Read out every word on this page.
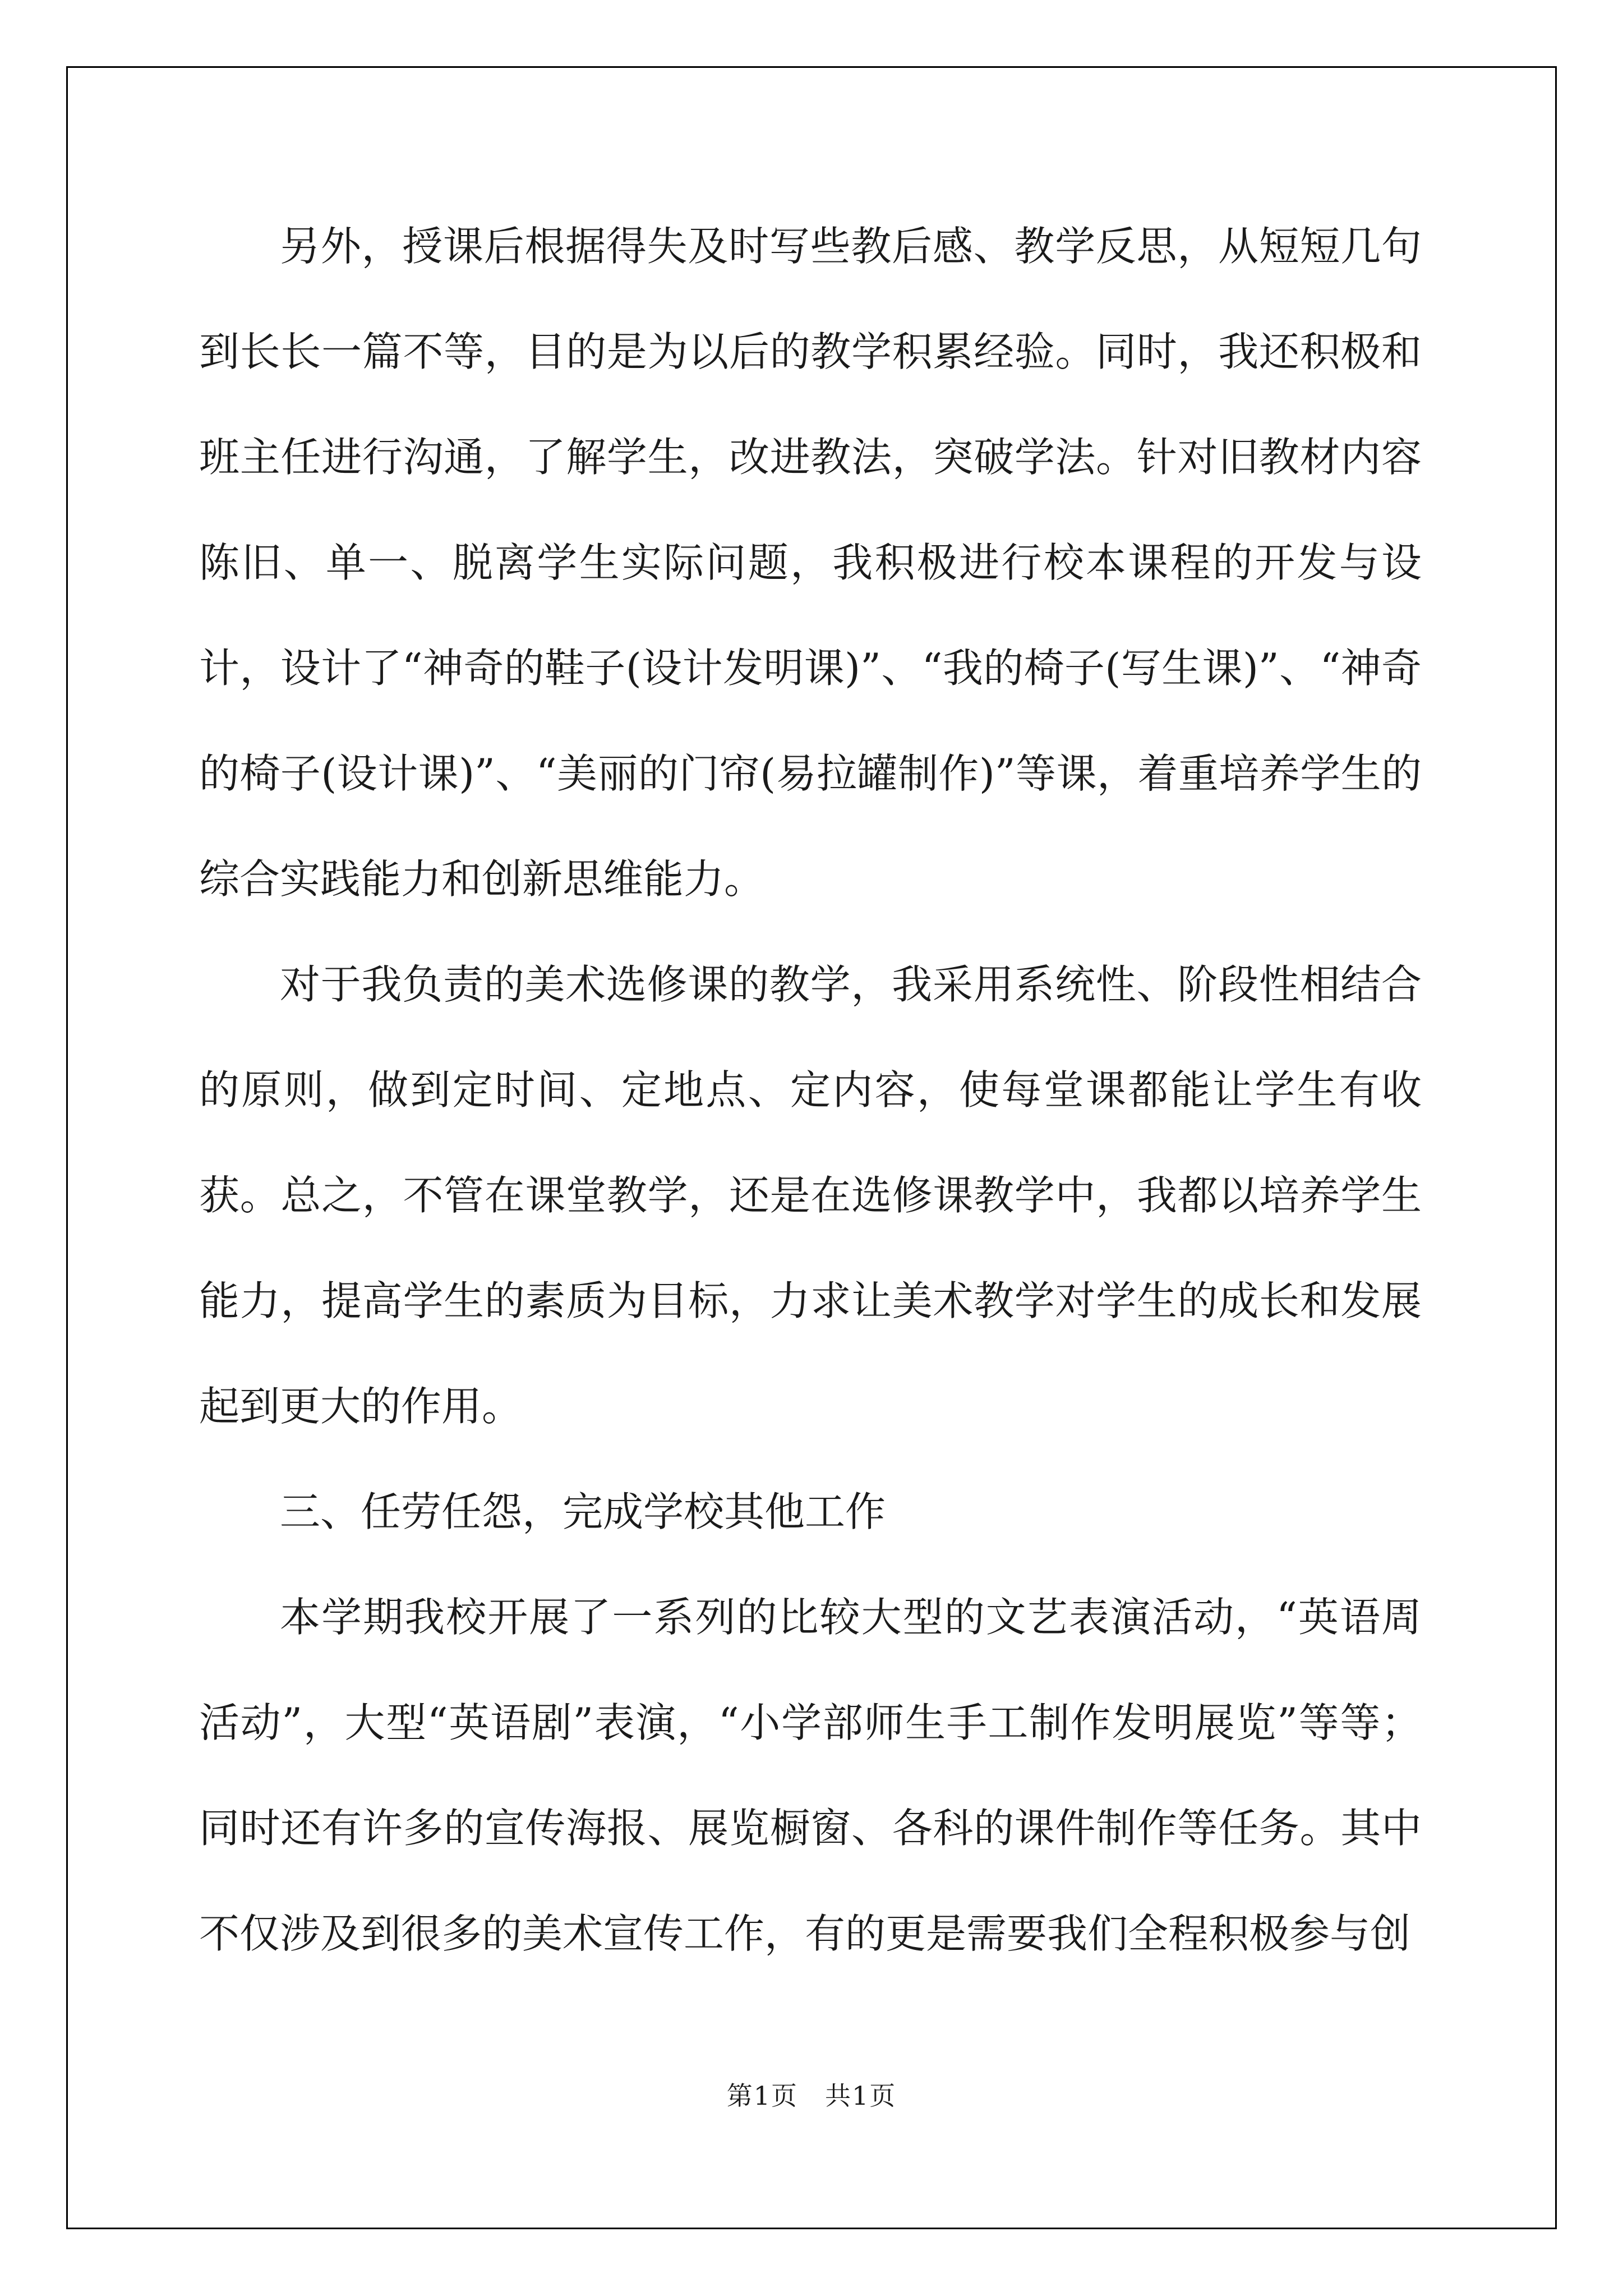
另外，授课后根据得失及时写些教后感、教学反思，从短短几句到长长一篇不等，目的是为以后的教学积累经验。同时，我还积极和班主任进行沟通，了解学生，改进教法，突破学法。针对旧教材内容陈旧、单一、脱离学生实际问题，我积极进行校本课程的开发与设计，设计了“神奇的鞋子(设计发明课)”、“我的椅子(写生课)”、“神奇的椅子(设计课)”、“美丽的门帘(易拉罐制作)”等课，着重培养学生的综合实践能力和创新思维能力。

对于我负责的美术选修课的教学，我采用系统性、阶段性相结合的原则，做到定时间、定地点、定内容，使每堂课都能让学生有收获。总之，不管在课堂教学，还是在选修课教学中，我都以培养学生能力，提高学生的素质为目标，力求让美术教学对学生的成长和发展起到更大的作用。

三、任劳任怨，完成学校其他工作

本学期我校开展了一系列的比较大型的文艺表演活动，“英语周活动”，大型“英语剧”表演，“小学部师生手工制作发明展览”等等；同时还有许多的宣传海报、展览橱窗、各科的课件制作等任务。其中不仅涉及到很多的美术宣传工作，有的更是需要我们全程积极参与创

第1页　共1页
